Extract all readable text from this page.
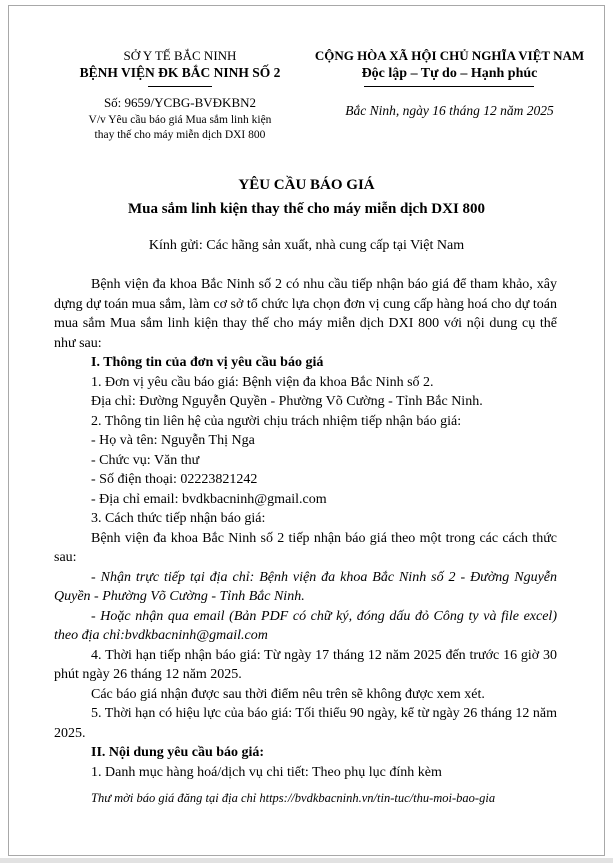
SỞ Y TẾ BẮC NINH
BỆNH VIỆN ĐK BẮC NINH SỐ 2
Số: 9659/YCBG-BVĐKBN2
V/v Yêu cầu báo giá Mua sắm linh kiện
thay thế cho máy miễn dịch DXI 800
CỘNG HÒA XÃ HỘI CHỦ NGHĨA VIỆT NAM
Độc lập – Tự do – Hạnh phúc
Bắc Ninh, ngày 16 tháng 12 năm 2025
YÊU CẦU BÁO GIÁ
Mua sắm linh kiện thay thế cho máy miễn dịch DXI 800
Kính gửi: Các hãng sản xuất, nhà cung cấp tại Việt Nam

Bệnh viện đa khoa Bắc Ninh số 2 có nhu cầu tiếp nhận báo giá để tham khảo, xây dựng dự toán mua sắm, làm cơ sở tổ chức lựa chọn đơn vị cung cấp hàng hoá cho dự toán mua sắm Mua sắm linh kiện thay thế cho máy miễn dịch DXI 800 với nội dung cụ thể như sau:

I. Thông tin của đơn vị yêu cầu báo giá

1. Đơn vị yêu cầu báo giá: Bệnh viện đa khoa Bắc Ninh số 2.

Địa chỉ: Đường Nguyễn Quyền - Phường Võ Cường - Tỉnh Bắc Ninh.

2. Thông tin liên hệ của người chịu trách nhiệm tiếp nhận báo giá:

- Họ và tên: Nguyễn Thị Nga

- Chức vụ: Văn thư

- Số điện thoại: 02223821242

- Địa chỉ email: bvdkbacninh@gmail.com

3. Cách thức tiếp nhận báo giá:

Bệnh viện đa khoa Bắc Ninh số 2 tiếp nhận báo giá theo một trong các cách thức sau:

- Nhận trực tiếp tại địa chỉ: Bệnh viện đa khoa Bắc Ninh số 2 - Đường Nguyễn Quyền - Phường Võ Cường - Tỉnh Bắc Ninh.

- Hoặc nhận qua email (Bản PDF có chữ ký, đóng dấu đỏ Công ty và file excel) theo địa chỉ:bvdkbacninh@gmail.com

4. Thời hạn tiếp nhận báo giá: Từ ngày 17 tháng 12 năm 2025 đến trước 16 giờ 30 phút ngày 26 tháng 12 năm 2025.

Các báo giá nhận được sau thời điểm nêu trên sẽ không được xem xét.

5. Thời hạn có hiệu lực của báo giá: Tối thiểu 90 ngày, kể từ ngày 26 tháng 12 năm 2025.

II. Nội dung yêu cầu báo giá:

1. Danh mục hàng hoá/dịch vụ chi tiết: Theo phụ lục đính kèm

Thư mời báo giá đăng tại địa chỉ https://bvdkbacninh.vn/tin-tuc/thu-moi-bao-gia
